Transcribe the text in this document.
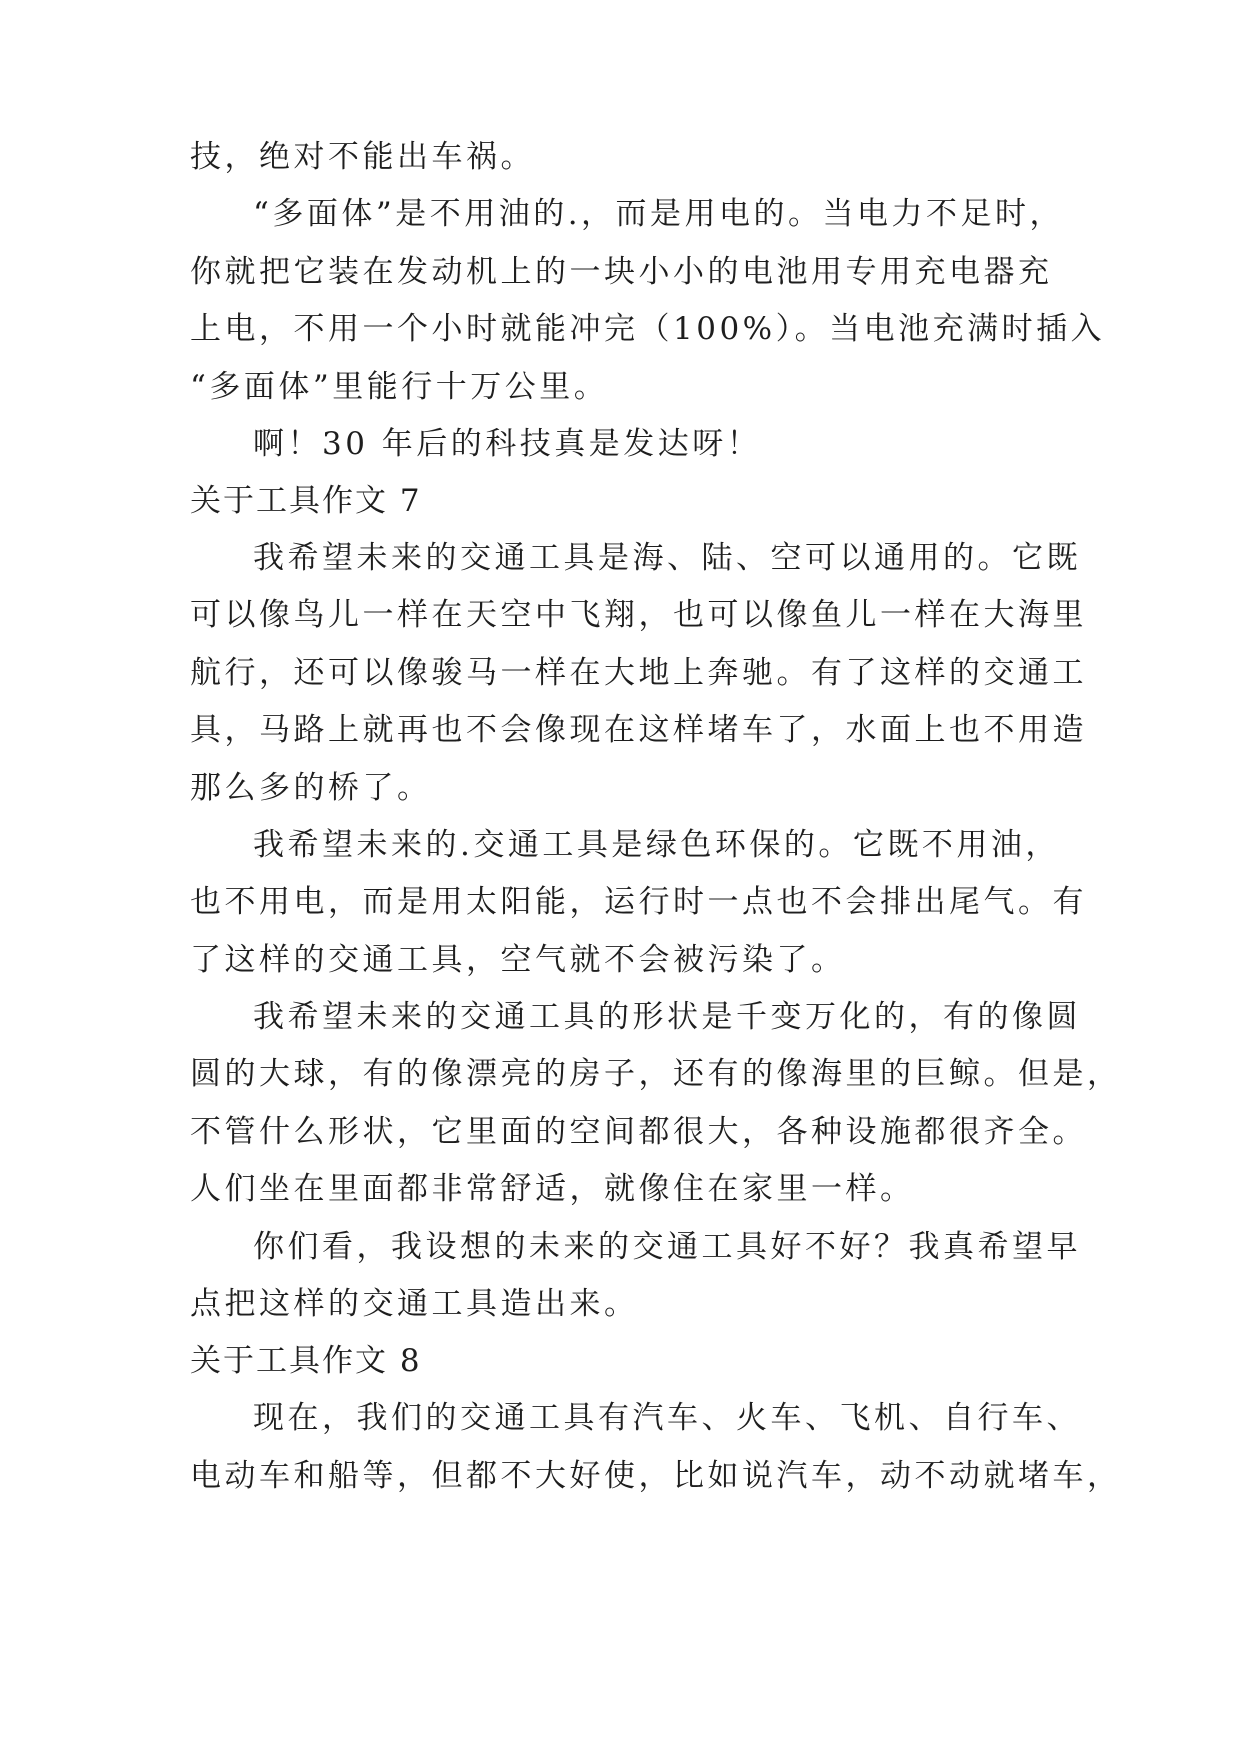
技，绝对不能出车祸。
“多面体”是不用油的.，而是用电的。当电力不足时，
你就把它装在发动机上的一块小小的电池用专用充电器充
上电，不用一个小时就能冲完（100%）。当电池充满时插入
“多面体”里能行十万公里。
啊！30 年后的科技真是发达呀！
关于工具作文 7
我希望未来的交通工具是海、陆、空可以通用的。它既
可以像鸟儿一样在天空中飞翔，也可以像鱼儿一样在大海里
航行，还可以像骏马一样在大地上奔驰。有了这样的交通工
具，马路上就再也不会像现在这样堵车了，水面上也不用造
那么多的桥了。
我希望未来的.交通工具是绿色环保的。它既不用油，
也不用电，而是用太阳能，运行时一点也不会排出尾气。有
了这样的交通工具，空气就不会被污染了。
我希望未来的交通工具的形状是千变万化的，有的像圆
圆的大球，有的像漂亮的房子，还有的像海里的巨鲸。但是，
不管什么形状，它里面的空间都很大，各种设施都很齐全。
人们坐在里面都非常舒适，就像住在家里一样。
你们看，我设想的未来的交通工具好不好？我真希望早
点把这样的交通工具造出来。
关于工具作文 8
现在，我们的交通工具有汽车、火车、飞机、自行车、
电动车和船等，但都不大好使，比如说汽车，动不动就堵车，
